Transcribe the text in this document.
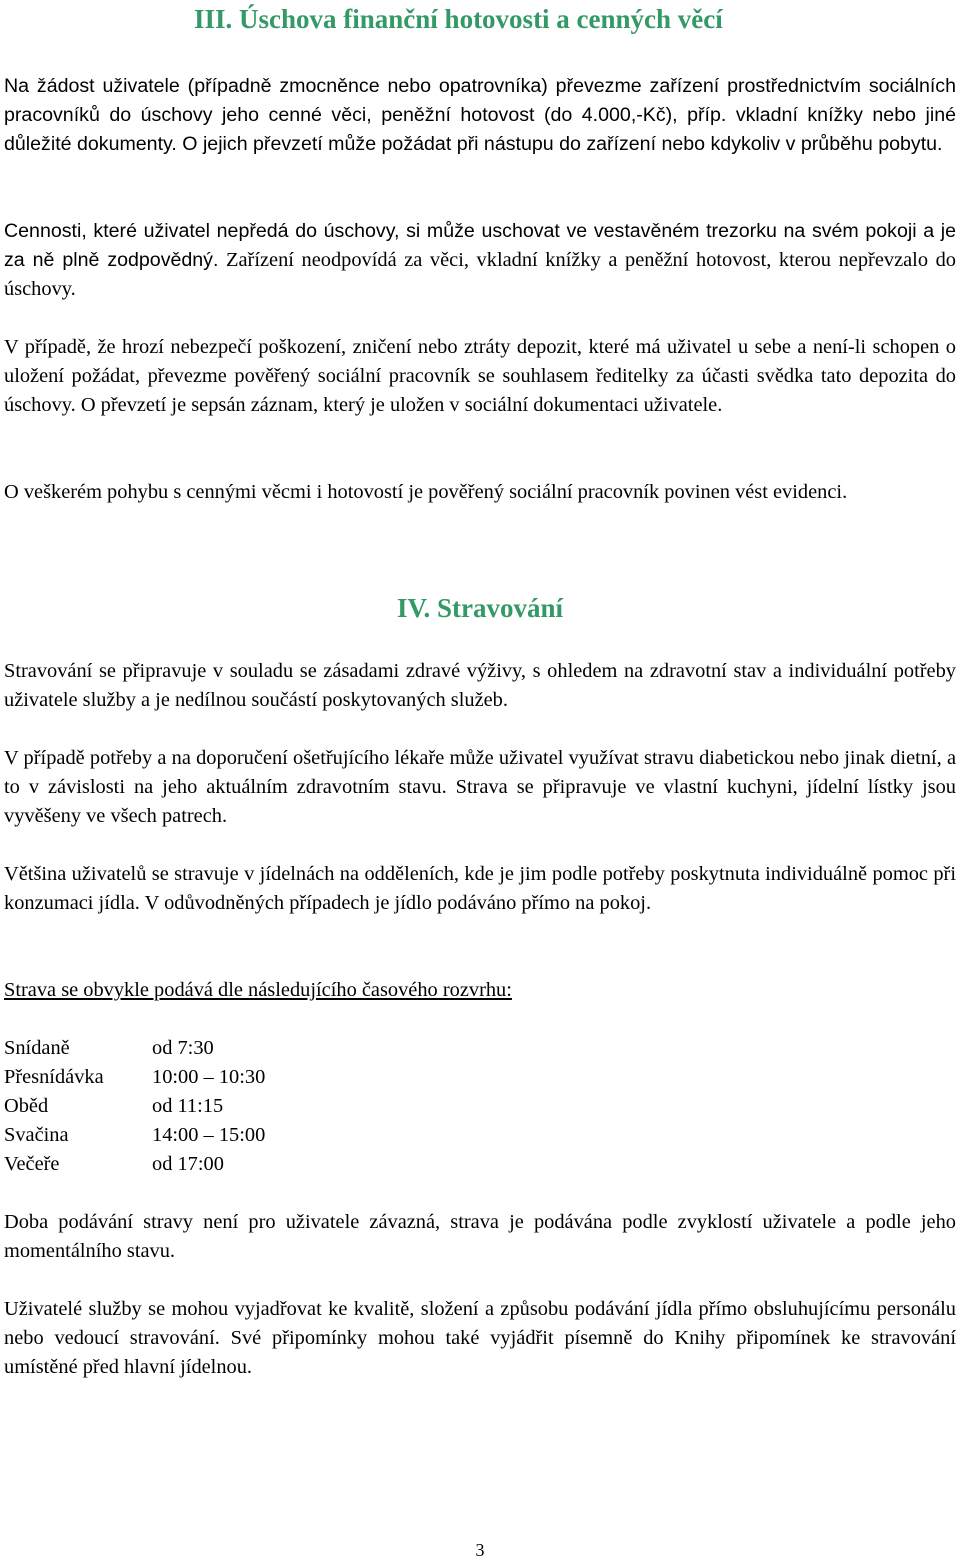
III. Úschova finanční hotovosti a cenných věcí

Na žádost uživatele (případně zmocněnce nebo opatrovníka) převezme zařízení prostřednictvím sociálních pracovníků do úschovy jeho cenné věci, peněžní hotovost (do 4.000,-Kč), příp. vkladní knížky nebo jiné důležité dokumenty. O jejich převzetí může požádat při nástupu do zařízení nebo kdykoliv v průběhu pobytu.

Cennosti, které uživatel nepředá do úschovy, si může uschovat ve vestavěném trezorku na svém pokoji a je za ně plně zodpovědný. Zařízení neodpovídá za věci, vkladní knížky a peněžní hotovost, kterou nepřevzalo do úschovy.

V případě, že hrozí nebezpečí poškození, zničení nebo ztráty depozit, které má uživatel u sebe a není-li schopen o uložení požádat, převezme pověřený sociální pracovník se souhlasem ředitelky za účasti svědka tato depozita do úschovy. O převzetí je sepsán záznam, který je uložen v sociální dokumentaci uživatele.

O veškerém pohybu s cennými věcmi i hotovostí je pověřený sociální pracovník povinen vést evidenci.

IV. Stravování

Stravování se připravuje v souladu se zásadami zdravé výživy, s ohledem na zdravotní stav a individuální potřeby uživatele služby a je nedílnou součástí poskytovaných služeb.

V případě potřeby a na doporučení ošetřujícího lékaře může uživatel využívat stravu diabetickou nebo jinak dietní, a to v závislosti na jeho aktuálním zdravotním stavu. Strava se připravuje ve vlastní kuchyni, jídelní lístky jsou vyvěšeny ve všech patrech.

Většina uživatelů se stravuje v jídelnách na odděleních, kde je jim podle potřeby poskytnuta individuálně pomoc při konzumaci jídla. V odůvodněných případech je jídlo podáváno přímo na pokoj.

Strava se obvykle podává dle následujícího časového rozvrhu:

Snídaně	od 7:30
Přesnídávka	10:00 – 10:30
Oběd	od 11:15
Svačina	14:00 – 15:00
Večeře	od 17:00

Doba podávání stravy není pro uživatele závazná, strava je podávána podle zvyklostí uživatele a podle jeho momentálního stavu.

Uživatelé služby se mohou vyjadřovat ke kvalitě, složení a způsobu podávání jídla přímo obsluhujícímu personálu nebo vedoucí stravování. Své připomínky mohou také vyjádřit písemně do Knihy připomínek ke stravování umístěné před hlavní jídelnou.

3
